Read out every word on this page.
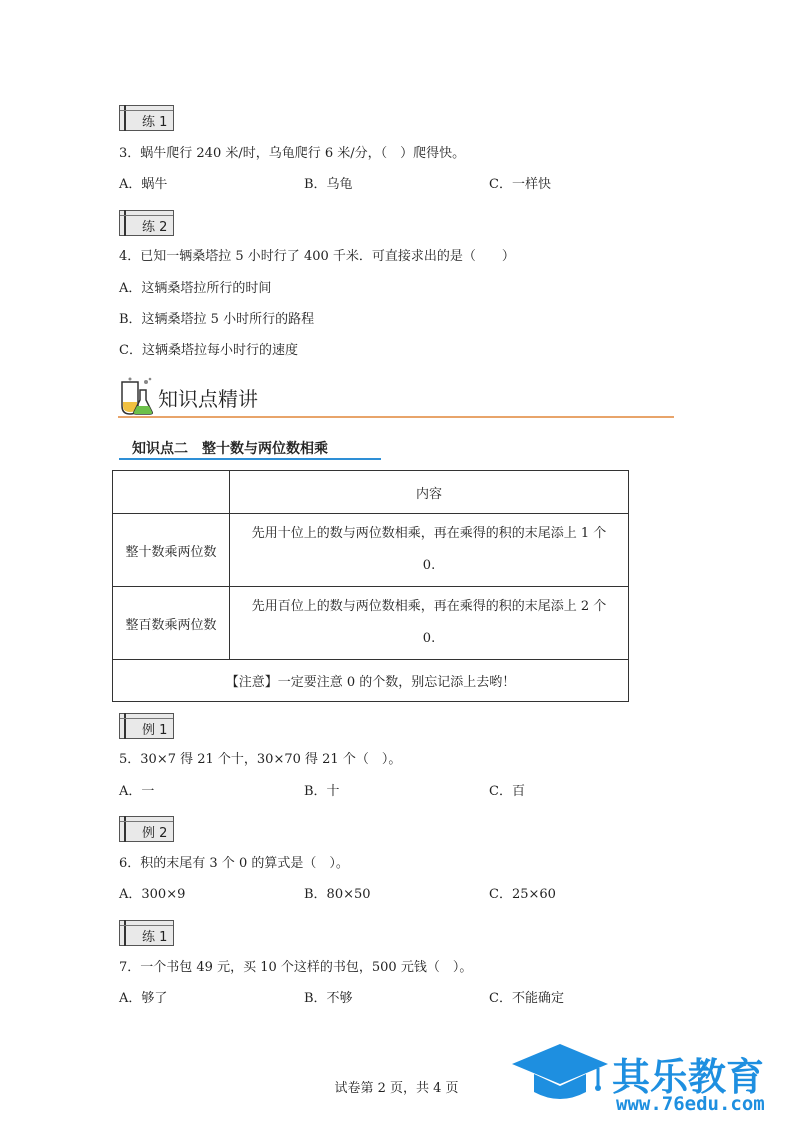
练 1
3．蜗牛爬行 240 米/时，乌龟爬行 6 米/分，（　）爬得快。
A．蜗牛	B．乌龟	C．一样快
练 2
4．已知一辆桑塔拉 5 小时行了 400 千米．可直接求出的是（　　）
A．这辆桑塔拉所行的时间
B．这辆桑塔拉 5 小时所行的路程
C．这辆桑塔拉每小时行的速度
知识点精讲
知识点二　整十数与两位数相乘
	内容
整十数乘两位数	先用十位上的数与两位数相乘，再在乘得的积的末尾添上 1 个
0.

整百数乘两位数	先用百位上的数与两位数相乘，再在乘得的积的末尾添上 2 个
0.

【注意】一定要注意 0 的个数，别忘记添上去哟！	
例 1
5．30×7 得 21 个十，30×70 得 21 个（　）。
A．一	B．十	C．百
例 2
6．积的末尾有 3 个 0 的算式是（　）。
A．300×9	B．80×50	C．25×60
练 1
7．一个书包 49 元，买 10 个这样的书包，500 元钱（　）。
A．够了	B．不够	C．不能确定
试卷第 2 页，共 4 页	其乐教育
www.76edu.com
